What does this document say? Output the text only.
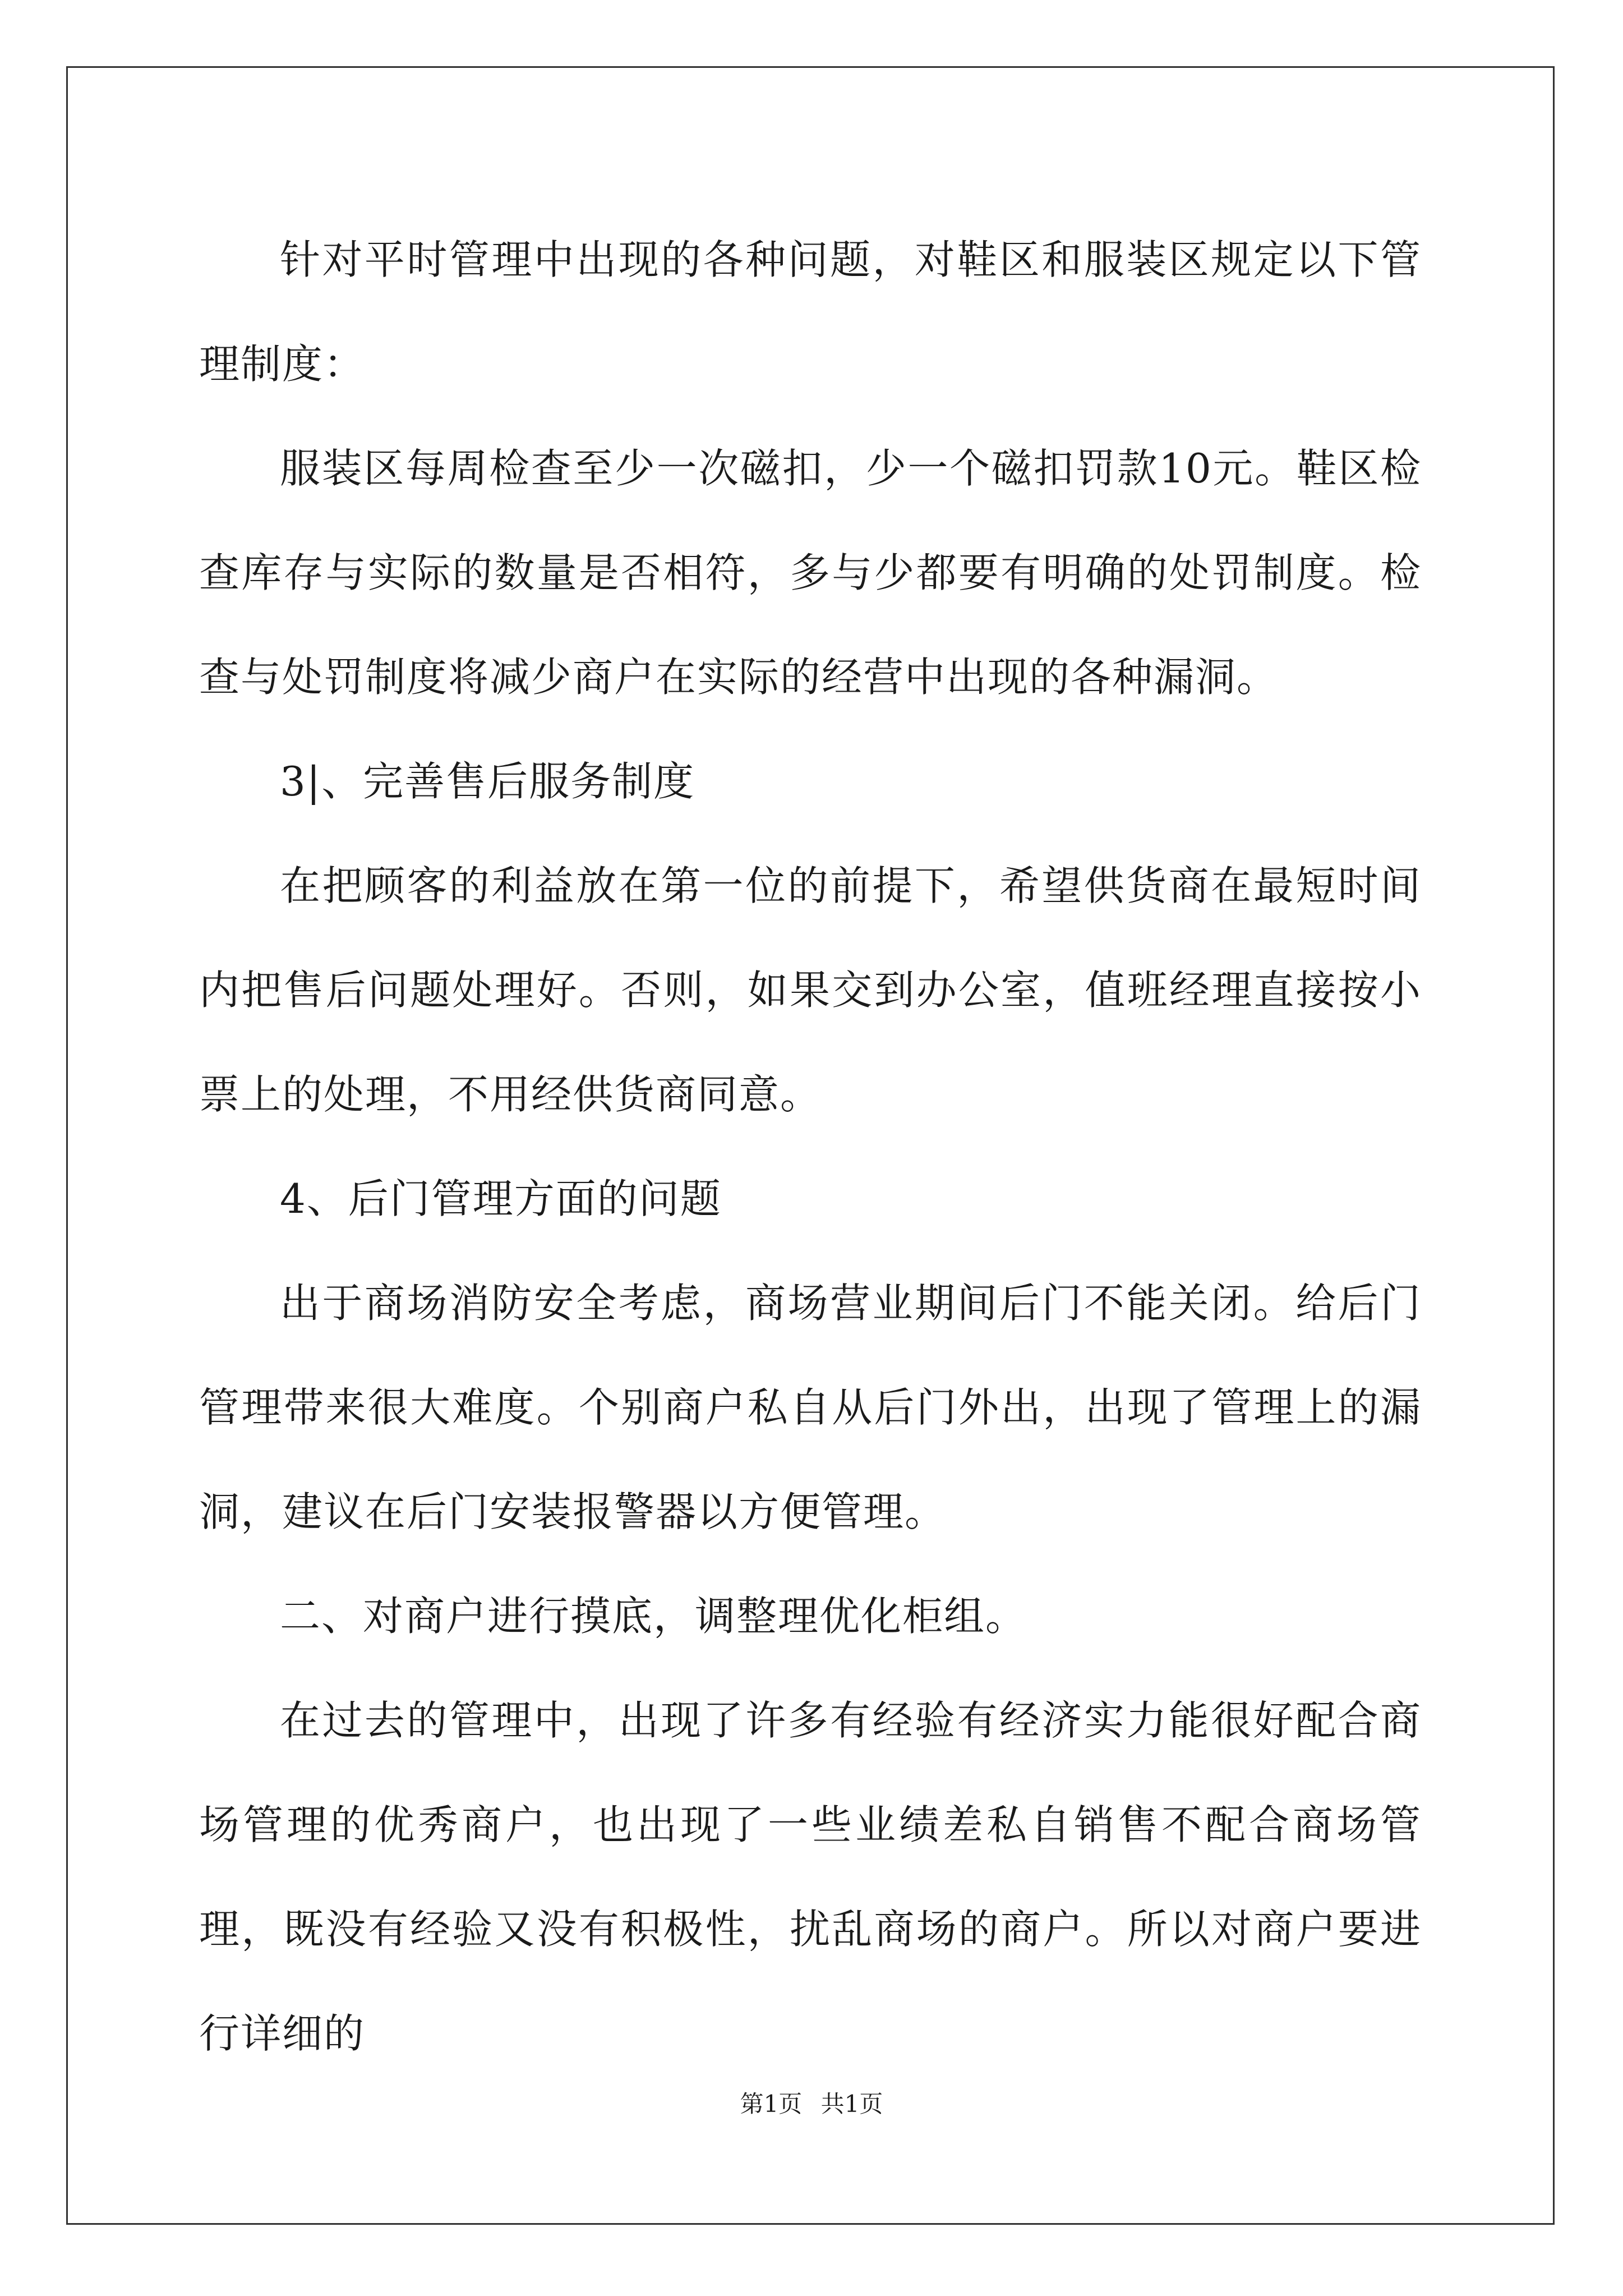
针对平时管理中出现的各种问题，对鞋区和服装区规定以下管理制度：

服装区每周检查至少一次磁扣，少一个磁扣罚款10元。鞋区检查库存与实际的数量是否相符，多与少都要有明确的处罚制度。检查与处罚制度将减少商户在实际的经营中出现的各种漏洞。

3|、完善售后服务制度

在把顾客的利益放在第一位的前提下，希望供货商在最短时间内把售后问题处理好。否则，如果交到办公室，值班经理直接按小票上的处理，不用经供货商同意。

4、后门管理方面的问题

出于商场消防安全考虑，商场营业期间后门不能关闭。给后门管理带来很大难度。个别商户私自从后门外出，出现了管理上的漏洞，建议在后门安装报警器以方便管理。

二、对商户进行摸底，调整理优化柜组。

在过去的管理中，出现了许多有经验有经济实力能很好配合商场管理的优秀商户，也出现了一些业绩差私自销售不配合商场管理，既没有经验又没有积极性，扰乱商场的商户。所以对商户要进行详细的

第1页 共1页
